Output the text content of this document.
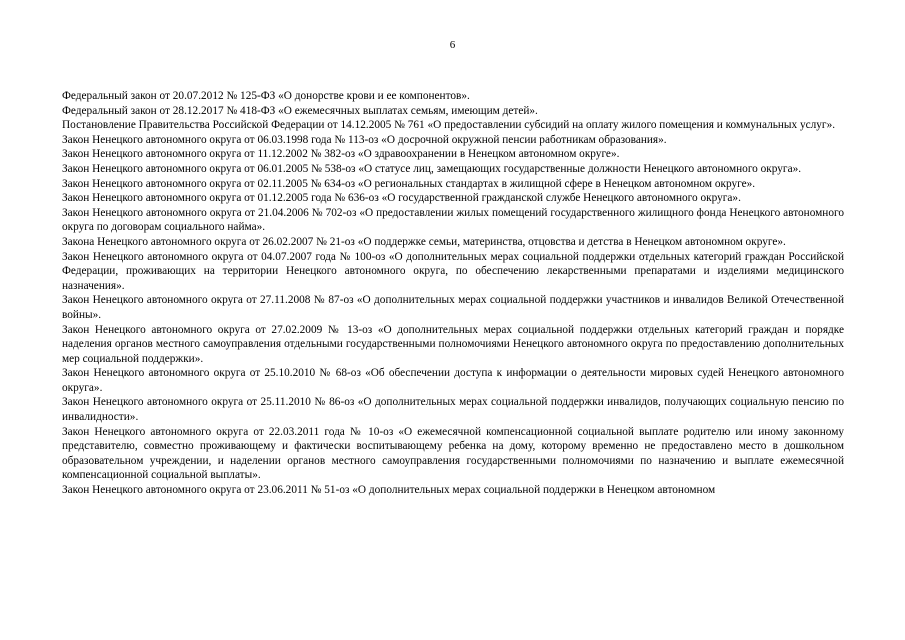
6

Федеральный закон от 20.07.2012 № 125-ФЗ «О донорстве крови и ее компонентов».

Федеральный закон от 28.12.2017 № 418-ФЗ «О ежемесячных выплатах семьям, имеющим детей».

Постановление Правительства Российской Федерации от 14.12.2005 № 761 «О предоставлении субсидий на оплату жилого помещения и коммунальных услуг».

Закон Ненецкого автономного округа от 06.03.1998 года № 113-оз «О досрочной окружной пенсии работникам образования».

Закон Ненецкого автономного округа от 11.12.2002 № 382-оз «О здравоохранении в Ненецком автономном округе».

Закон Ненецкого автономного округа от 06.01.2005 № 538-оз «О статусе лиц, замещающих государственные должности Ненецкого автономного округа».

Закон Ненецкого автономного округа от 02.11.2005 № 634-оз «О региональных стандартах в жилищной сфере в Ненецком автономном округе».

Закон Ненецкого автономного округа от 01.12.2005 года № 636-оз «О государственной гражданской службе Ненецкого автономного округа».

Закон Ненецкого автономного округа от 21.04.2006 № 702-оз «О предоставлении жилых помещений государственного жилищного фонда Ненецкого автономного округа по договорам социального найма».

Закона Ненецкого автономного округа от 26.02.2007 № 21-оз «О поддержке семьи, материнства, отцовства и детства в Ненецком автономном округе».

Закон Ненецкого автономного округа от 04.07.2007 года № 100-оз «О дополнительных мерах социальной поддержки отдельных категорий граждан Российской Федерации, проживающих на территории Ненецкого автономного округа, по обеспечению лекарственными препаратами и изделиями медицинского назначения».

Закон Ненецкого автономного округа от 27.11.2008 № 87-оз «О дополнительных мерах социальной поддержки участников и инвалидов Великой Отечественной войны».

Закон Ненецкого автономного округа от 27.02.2009 № 13-оз «О дополнительных мерах социальной поддержки отдельных категорий граждан и порядке наделения органов местного самоуправления отдельными государственными полномочиями Ненецкого автономного округа по предоставлению дополнительных мер социальной поддержки».

Закон Ненецкого автономного округа от 25.10.2010 № 68-оз «Об обеспечении доступа к информации о деятельности мировых судей Ненецкого автономного округа».

Закон Ненецкого автономного округа от 25.11.2010 № 86-оз «О дополнительных мерах социальной поддержки инвалидов, получающих социальную пенсию по инвалидности».

Закон Ненецкого автономного округа от 22.03.2011 года № 10-оз «О ежемесячной компенсационной социальной выплате родителю или иному законному представителю, совместно проживающему и фактически воспитывающему ребенка на дому, которому временно не предоставлено место в дошкольном образовательном учреждении, и наделении органов местного самоуправления государственными полномочиями по назначению и выплате ежемесячной компенсационной социальной выплаты».

Закон Ненецкого автономного округа от 23.06.2011 № 51-оз «О дополнительных мерах социальной поддержки в Ненецком автономном
